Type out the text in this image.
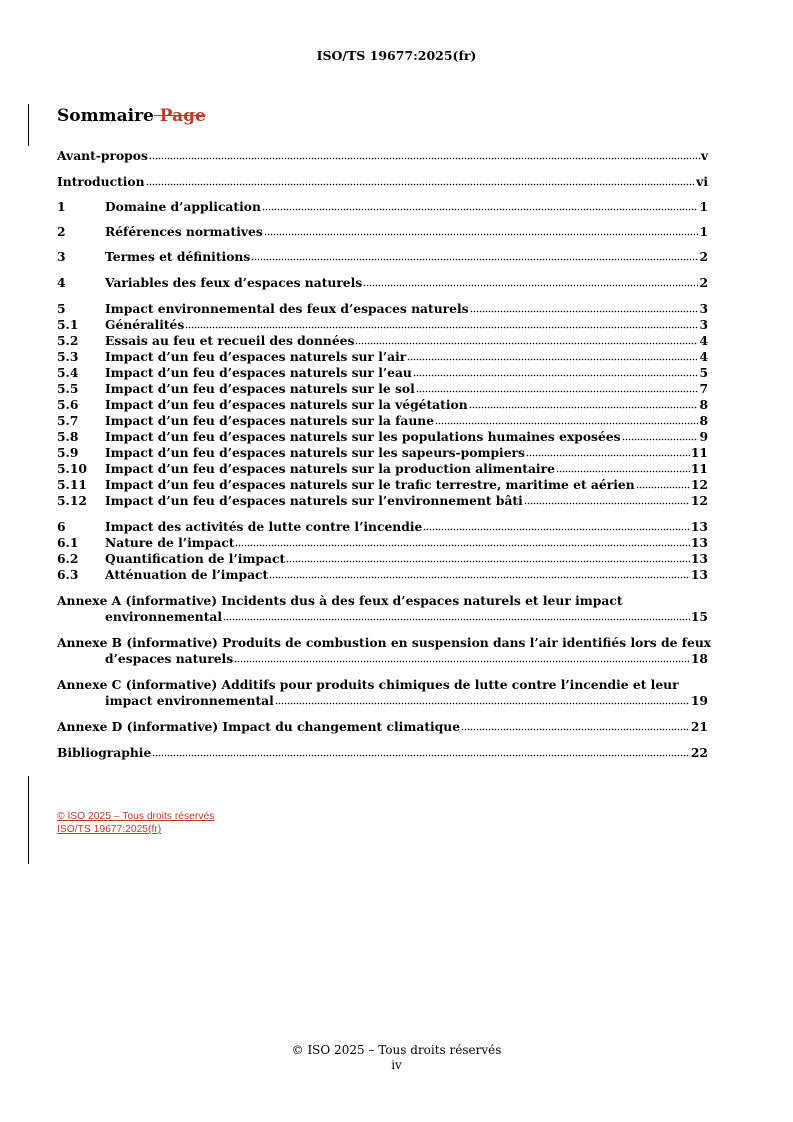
ISO/TS 19677:2025(fr)
Sommaire Page
Avant-propos	v
Introduction	vi
1	Domaine d’application	1
2	Références normatives	1
3	Termes et définitions	2
4	Variables des feux d’espaces naturels	2
5	Impact environnemental des feux d’espaces naturels	3
5.1	Généralités	3
5.2	Essais au feu et recueil des données	4
5.3	Impact d’un feu d’espaces naturels sur l’air	4
5.4	Impact d’un feu d’espaces naturels sur l’eau	5
5.5	Impact d’un feu d’espaces naturels sur le sol	7
5.6	Impact d’un feu d’espaces naturels sur la végétation	8
5.7	Impact d’un feu d’espaces naturels sur la faune	8
5.8	Impact d’un feu d’espaces naturels sur les populations humaines exposées	9
5.9	Impact d’un feu d’espaces naturels sur les sapeurs-pompiers	11
5.10	Impact d’un feu d’espaces naturels sur la production alimentaire	11
5.11	Impact d’un feu d’espaces naturels sur le trafic terrestre, maritime et aérien	12
5.12	Impact d’un feu d’espaces naturels sur l’environnement bâti	12
6	Impact des activités de lutte contre l’incendie	13
6.1	Nature de l’impact	13
6.2	Quantification de l’impact	13
6.3	Atténuation de l’impact	13
Annexe A (informative) Incidents dus à des feux d’espaces naturels et leur impact
environnemental	15
Annexe B (informative) Produits de combustion en suspension dans l’air identifiés lors de feux
d’espaces naturels	18
Annexe C (informative) Additifs pour produits chimiques de lutte contre l’incendie et leur
impact environnemental	19
Annexe D (informative) Impact du changement climatique	21
Bibliographie	22
© ISO 2025 – Tous droits réservés
ISO/TS 19677:2025(fr)
© ISO 2025 – Tous droits réservés
iv
